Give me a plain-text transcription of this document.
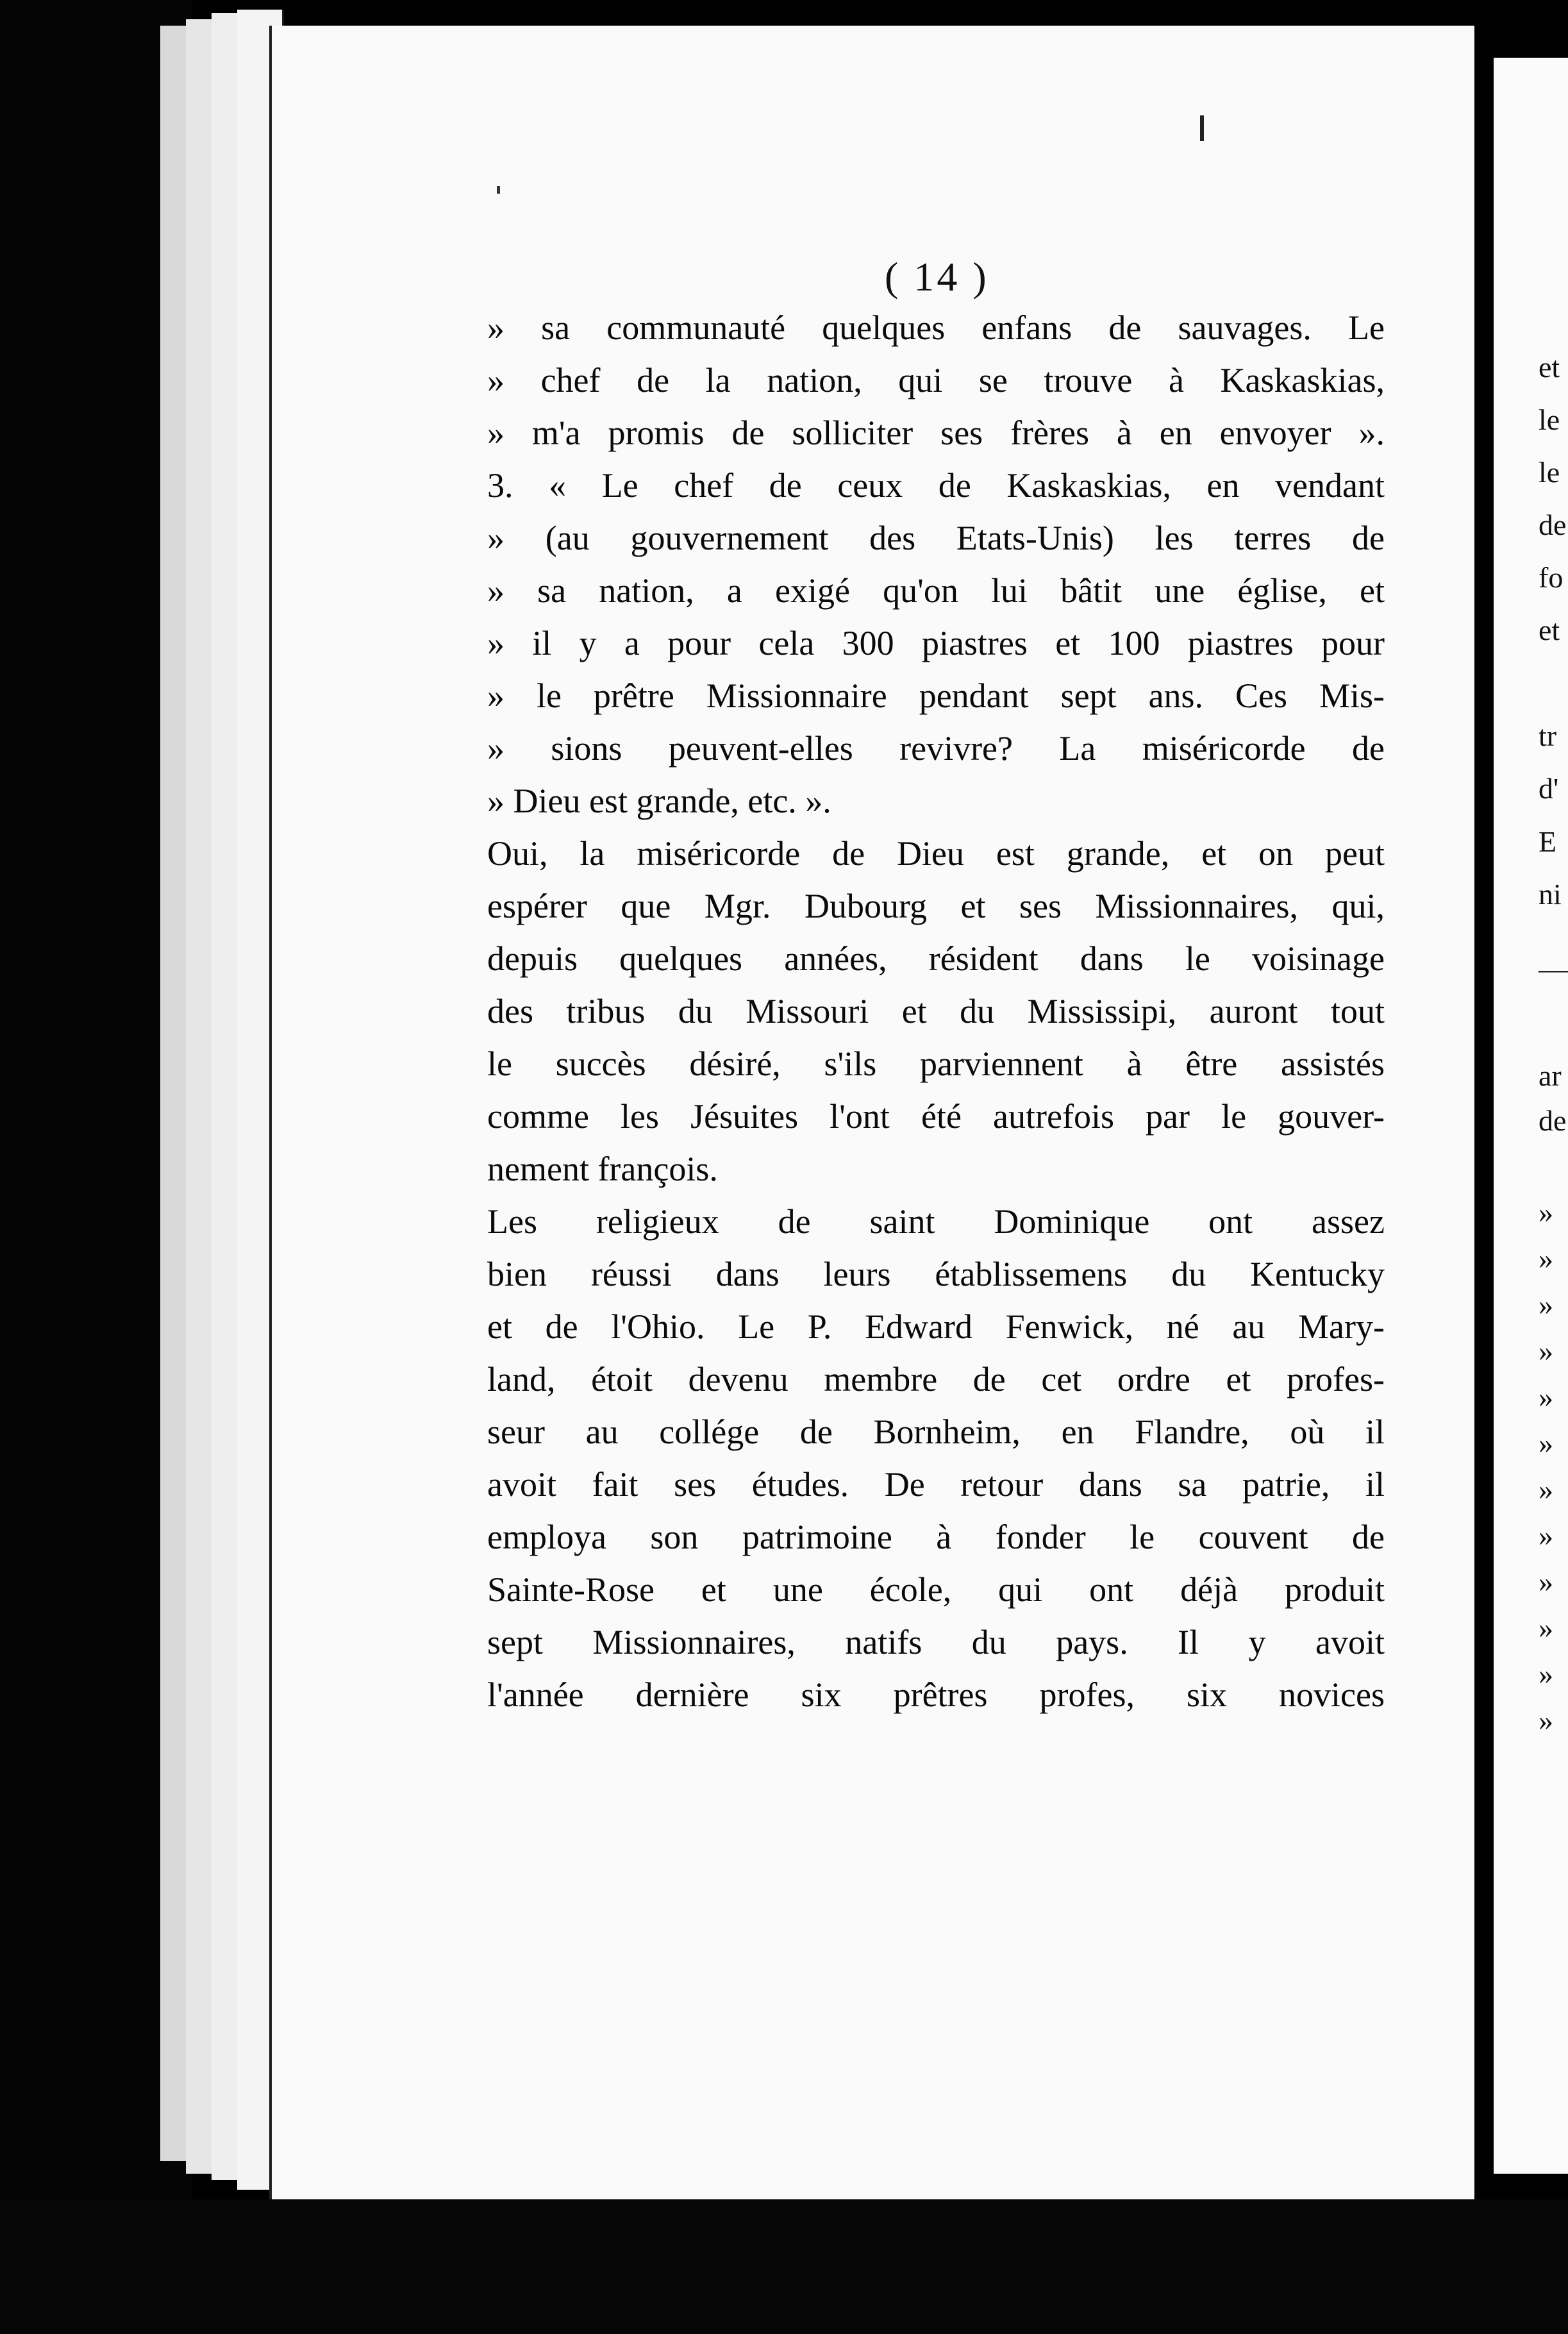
( 14 )
» sa communauté quelques enfans de sauvages. Le
» chef de la nation, qui se trouve à Kaskaskias,
» m'a promis de solliciter ses frères à en envoyer ».
3. « Le chef de ceux de Kaskaskias, en vendant
» (au gouvernement des Etats-Unis) les terres de
» sa nation, a exigé qu'on lui bâtit une église, et
» il y a pour cela 300 piastres et 100 piastres pour
» le prêtre Missionnaire pendant sept ans. Ces Mis-
» sions peuvent-elles revivre? La miséricorde de
» Dieu est grande, etc. ».
Oui, la miséricorde de Dieu est grande, et on peut
espérer que Mgr. Dubourg et ses Missionnaires, qui,
depuis quelques années, résident dans le voisinage
des tribus du Missouri et du Mississipi, auront tout
le succès désiré, s'ils parviennent à être assistés
comme les Jésuites l'ont été autrefois par le gouver-
nement françois.
Les religieux de saint Dominique ont assez
bien réussi dans leurs établissemens du Kentucky
et de l'Ohio. Le P. Edward Fenwick, né au Mary-
land, étoit devenu membre de cet ordre et profes-
seur au collége de Bornheim, en Flandre, où il
avoit fait ses études. De retour dans sa patrie, il
employa son patrimoine à fonder le couvent de
Sainte-Rose et une école, qui ont déjà produit
sept Missionnaires, natifs du pays. Il y avoit
l'année dernière six prêtres profes, six novices
et
le
le
de
fo
et
tr
d'
E
ni
—
ar
de
»
»
»
»
»
»
»
»
»
»
»
»
